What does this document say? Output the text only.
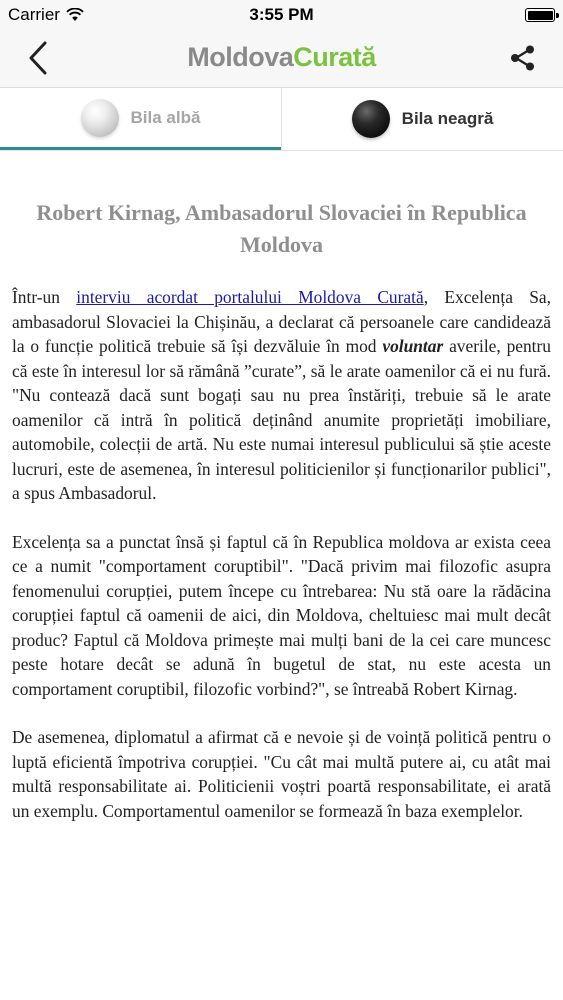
Carrier	3:55 PM
MoldovaCurată
Bila albă	Bila neagră
Robert Kirnag, Ambasadorul Slovaciei în Republica Moldova

Într-un interviu acordat portalului Moldova Curată, Excelența Sa, ambasadorul Slovaciei la Chișinău, a declarat că persoanele care candidează la o funcție politică trebuie să își dezvăluie în mod voluntar averile, pentru că este în interesul lor să rămână ”curate”, să le arate oamenilor că ei nu fură. "Nu contează dacă sunt bogați sau nu prea înstăriți, trebuie să le arate oamenilor că intră în politică deținând anumite proprietăți imobiliare, automobile, colecții de artă. Nu este numai interesul publicului să știe aceste lucruri, este de asemenea, în interesul politicienilor și funcționarilor publici", a spus Ambasadorul.

Excelența sa a punctat însă și faptul că în Republica moldova ar exista ceea ce a numit "comportament coruptibil". "Dacă privim mai filozofic asupra fenomenului corupției, putem începe cu întrebarea: Nu stă oare la rădăcina corupției faptul că oamenii de aici, din Moldova, cheltuiesc mai mult decât produc? Faptul că Moldova primește mai mulți bani de la cei care muncesc peste hotare decât se adună în bugetul de stat, nu este acesta un comportament coruptibil, filozofic vorbind?", se întreabă Robert Kirnag.

De asemenea, diplomatul a afirmat că e nevoie și de voință politică pentru o luptă eficientă împotriva corupției. "Cu cât mai multă putere ai, cu atât mai multă responsabilitate ai. Politicienii voștri poartă responsabilitate, ei arată un exemplu. Comportamentul oamenilor se formează în baza exemplelor.
